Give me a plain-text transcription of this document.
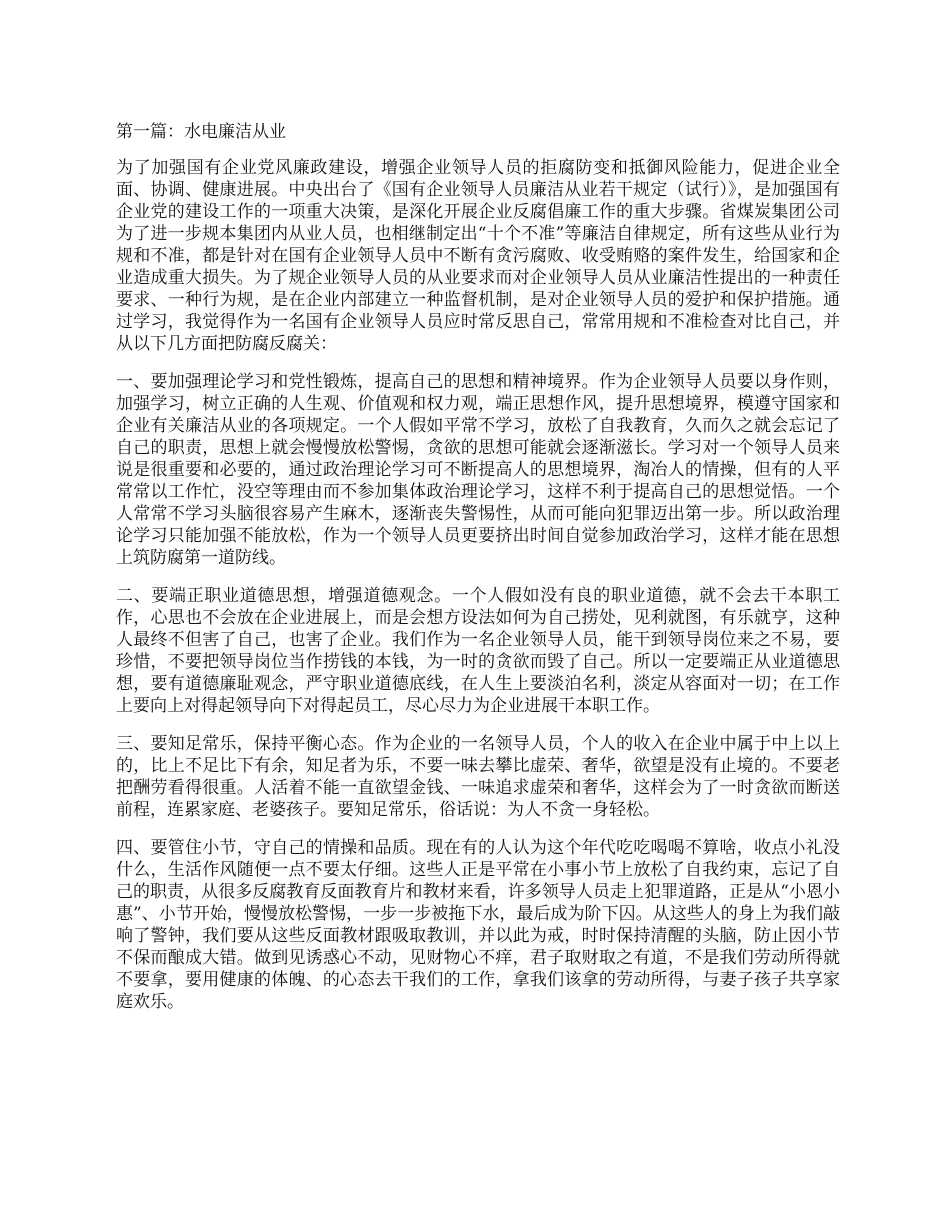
第一篇：水电廉洁从业

为了加强国有企业党风廉政建设，增强企业领导人员的拒腐防变和抵御风险能力，促进企业全面、协调、健康进展。中央出台了《国有企业领导人员廉洁从业若干规定（试行）》，是加强国有企业党的建设工作的一项重大决策，是深化开展企业反腐倡廉工作的重大步骤。省煤炭集团公司为了进一步规本集团内从业人员，也相继制定出“十个不准”等廉洁自律规定，所有这些从业行为规和不准，都是针对在国有企业领导人员中不断有贪污腐败、收受贿赂的案件发生，给国家和企业造成重大损失。为了规企业领导人员的从业要求而对企业领导人员从业廉洁性提出的一种责任要求、一种行为规，是在企业内部建立一种监督机制，是对企业领导人员的爱护和保护措施。通过学习，我觉得作为一名国有企业领导人员应时常反思自己，常常用规和不准检查对比自己，并从以下几方面把防腐反腐关：

一、要加强理论学习和党性锻炼，提高自己的思想和精神境界。作为企业领导人员要以身作则，加强学习，树立正确的人生观、价值观和权力观，端正思想作风，提升思想境界，模遵守国家和企业有关廉洁从业的各项规定。一个人假如平常不学习，放松了自我教育，久而久之就会忘记了自己的职责，思想上就会慢慢放松警惕，贪欲的思想可能就会逐渐滋长。学习对一个领导人员来说是很重要和必要的，通过政治理论学习可不断提高人的思想境界，淘冶人的情操，但有的人平常常以工作忙，没空等理由而不参加集体政治理论学习，这样不利于提高自己的思想觉悟。一个人常常不学习头脑很容易产生麻木，逐渐丧失警惕性，从而可能向犯罪迈出第一步。所以政治理论学习只能加强不能放松，作为一个领导人员更要挤出时间自觉参加政治学习，这样才能在思想上筑防腐第一道防线。

二、要端正职业道德思想，增强道德观念。一个人假如没有良的职业道德，就不会去干本职工作，心思也不会放在企业进展上，而是会想方设法如何为自己捞处，见利就图，有乐就亨，这种人最终不但害了自己，也害了企业。我们作为一名企业领导人员，能干到领导岗位来之不易，要珍惜，不要把领导岗位当作捞钱的本钱，为一时的贪欲而毁了自己。所以一定要端正从业道德思想，要有道德廉耻观念，严守职业道德底线，在人生上要淡泊名利，淡定从容面对一切；在工作上要向上对得起领导向下对得起员工，尽心尽力为企业进展干本职工作。

三、要知足常乐，保持平衡心态。作为企业的一名领导人员，个人的收入在企业中属于中上以上的，比上不足比下有余，知足者为乐，不要一味去攀比虚荣、奢华，欲望是没有止境的。不要老把酬劳看得很重。人活着不能一直欲望金钱、一味追求虚荣和奢华，这样会为了一时贪欲而断送前程，连累家庭、老婆孩子。要知足常乐，俗话说：为人不贪一身轻松。

四、要管住小节，守自己的情操和品质。现在有的人认为这个年代吃吃喝喝不算啥，收点小礼没什么，生活作风随便一点不要太仔细。这些人正是平常在小事小节上放松了自我约束，忘记了自己的职责，从很多反腐教育反面教育片和教材来看，许多领导人员走上犯罪道路，正是从“小恩小惠”、小节开始，慢慢放松警惕，一步一步被拖下水，最后成为阶下囚。从这些人的身上为我们敲响了警钟，我们要从这些反面教材跟吸取教训，并以此为戒，时时保持清醒的头脑，防止因小节不保而酿成大错。做到见诱惑心不动，见财物心不痒，君子取财取之有道，不是我们劳动所得就不要拿，要用健康的体魄、的心态去干我们的工作，拿我们该拿的劳动所得，与妻子孩子共享家庭欢乐。
